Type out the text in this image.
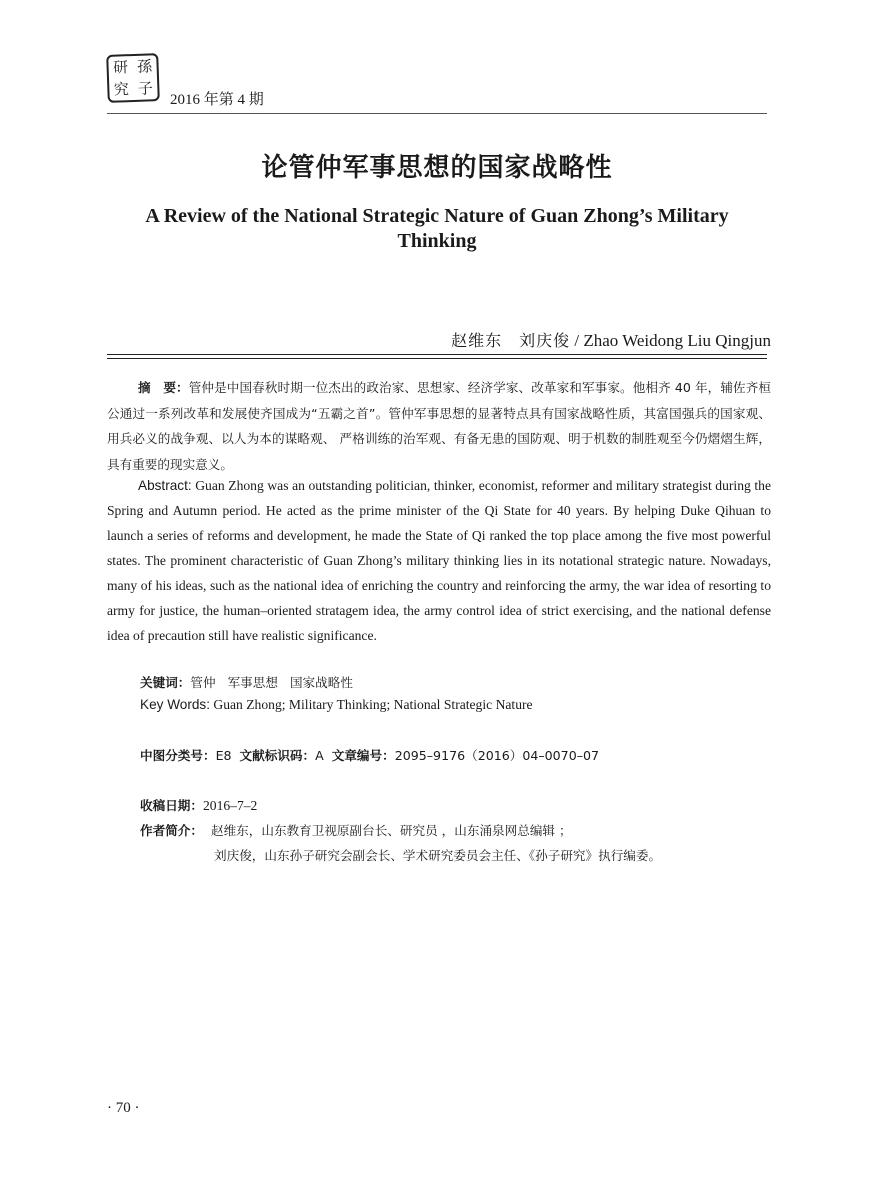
研 孫
究 子
2016 年第 4 期
论管仲军事思想的国家战略性
A Review of the National Strategic Nature of Guan Zhong’s Military
Thinking
赵维东　刘庆俊 / Zhao Weidong Liu Qingjun

摘　要：管仲是中国春秋时期一位杰出的政治家、思想家、经济学家、改革家和军事家。他相齐 40 年，辅佐齐桓公通过一系列改革和发展使齐国成为“五霸之首”。管仲军事思想的显著特点具有国家战略性质，其富国强兵的国家观、用兵必义的战争观、以人为本的谋略观、 严格训练的治军观、有备无患的国防观、明于机数的制胜观至今仍熠熠生辉，具有重要的现实意义。

Abstract: Guan Zhong was an outstanding politician, thinker, economist, reformer and military strategist during the Spring and Autumn period. He acted as the prime minister of the Qi State for 40 years. By helping Duke Qihuan to launch a series of reforms and development, he made the State of Qi ranked the top place among the five most powerful states. The prominent characteristic of Guan Zhong’s military thinking lies in its notational strategic nature. Nowadays, many of his ideas, such as the national idea of enriching the country and reinforcing the army, the war idea of resorting to army for justice, the human–oriented stratagem idea, the army control idea of strict exercising, and the national defense idea of precaution still have realistic significance.

关键词：管仲 军事思想 国家战略性
Key Words: Guan Zhong; Military Thinking; National Strategic Nature
中图分类号：E8 文献标识码：A 文章编号：2095–9176（2016）04–0070–07
收稿日期：2016–7–2
作者简介： 赵维东，山东教育卫视原副台长、研究员 ，山东涌泉网总编辑 ；
刘庆俊，山东孙子研究会副会长、学术研究委员会主任、《孙子研究》执行编委。
· 70 ·
